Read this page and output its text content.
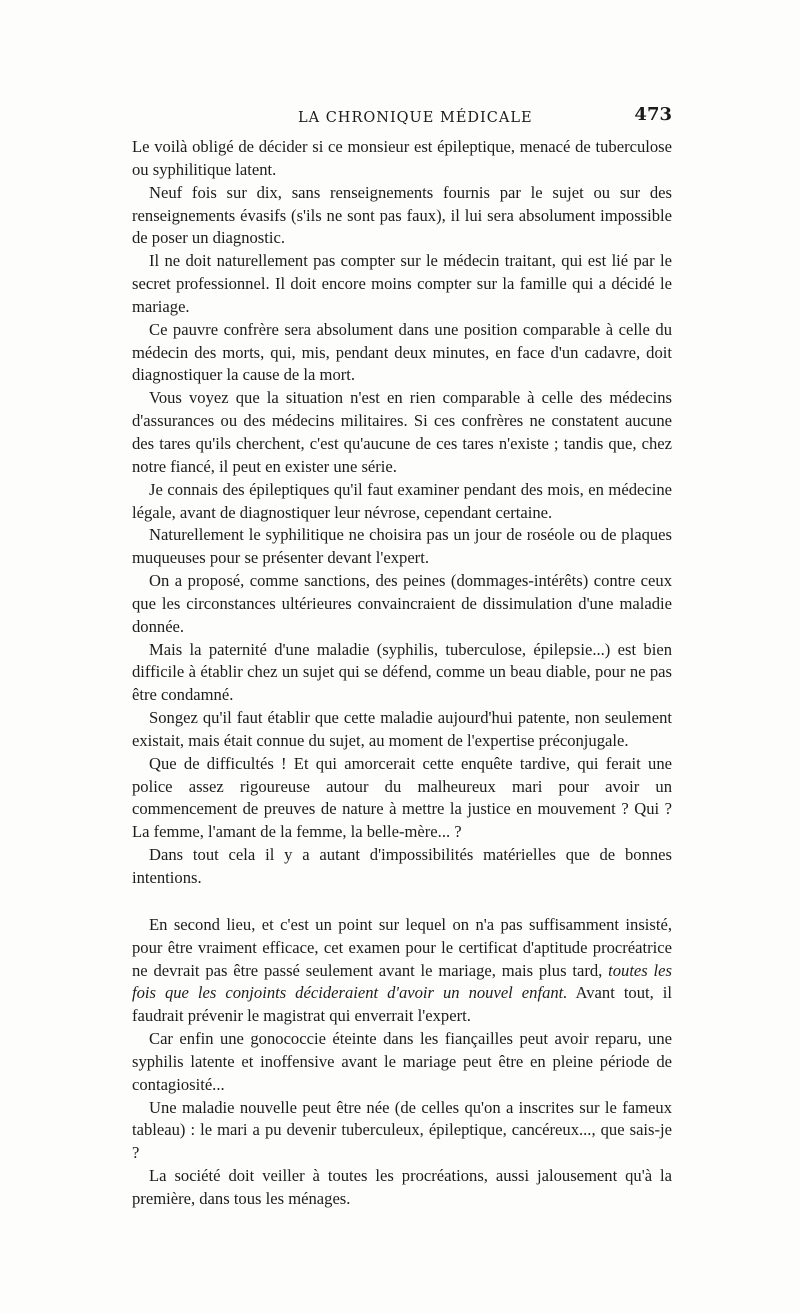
LA CHRONIQUE MÉDICALE	473

Le voilà obligé de décider si ce monsieur est épileptique, menacé de tuberculose ou syphilitique latent.

Neuf fois sur dix, sans renseignements fournis par le sujet ou sur des renseignements évasifs (s'ils ne sont pas faux), il lui sera absolument impossible de poser un diagnostic.

Il ne doit naturellement pas compter sur le médecin traitant, qui est lié par le secret professionnel. Il doit encore moins compter sur la famille qui a décidé le mariage.

Ce pauvre confrère sera absolument dans une position comparable à celle du médecin des morts, qui, mis, pendant deux minutes, en face d'un cadavre, doit diagnostiquer la cause de la mort.

Vous voyez que la situation n'est en rien comparable à celle des médecins d'assurances ou des médecins militaires. Si ces confrères ne constatent aucune des tares qu'ils cherchent, c'est qu'aucune de ces tares n'existe ; tandis que, chez notre fiancé, il peut en exister une série.

Je connais des épileptiques qu'il faut examiner pendant des mois, en médecine légale, avant de diagnostiquer leur névrose, cependant certaine.

Naturellement le syphilitique ne choisira pas un jour de roséole ou de plaques muqueuses pour se présenter devant l'expert.

On a proposé, comme sanctions, des peines (dommages-intérêts) contre ceux que les circonstances ultérieures convaincraient de dissimulation d'une maladie donnée.

Mais la paternité d'une maladie (syphilis, tuberculose, épilepsie...) est bien difficile à établir chez un sujet qui se défend, comme un beau diable, pour ne pas être condamné.

Songez qu'il faut établir que cette maladie aujourd'hui patente, non seulement existait, mais était connue du sujet, au moment de l'expertise préconjugale.

Que de difficultés ! Et qui amorcerait cette enquête tardive, qui ferait une police assez rigoureuse autour du malheureux mari pour avoir un commencement de preuves de nature à mettre la justice en mouvement ? Qui ? La femme, l'amant de la femme, la belle-mère... ?

Dans tout cela il y a autant d'impossibilités matérielles que de bonnes intentions.

En second lieu, et c'est un point sur lequel on n'a pas suffisamment insisté, pour être vraiment efficace, cet examen pour le certificat d'aptitude procréatrice ne devrait pas être passé seulement avant le mariage, mais plus tard, toutes les fois que les conjoints décideraient d'avoir un nouvel enfant. Avant tout, il faudrait prévenir le magistrat qui enverrait l'expert.

Car enfin une gonococcie éteinte dans les fiançailles peut avoir reparu, une syphilis latente et inoffensive avant le mariage peut être en pleine période de contagiosité...

Une maladie nouvelle peut être née (de celles qu'on a inscrites sur le fameux tableau) : le mari a pu devenir tuberculeux, épileptique, cancéreux..., que sais-je ?

La société doit veiller à toutes les procréations, aussi jalousement qu'à la première, dans tous les ménages.
